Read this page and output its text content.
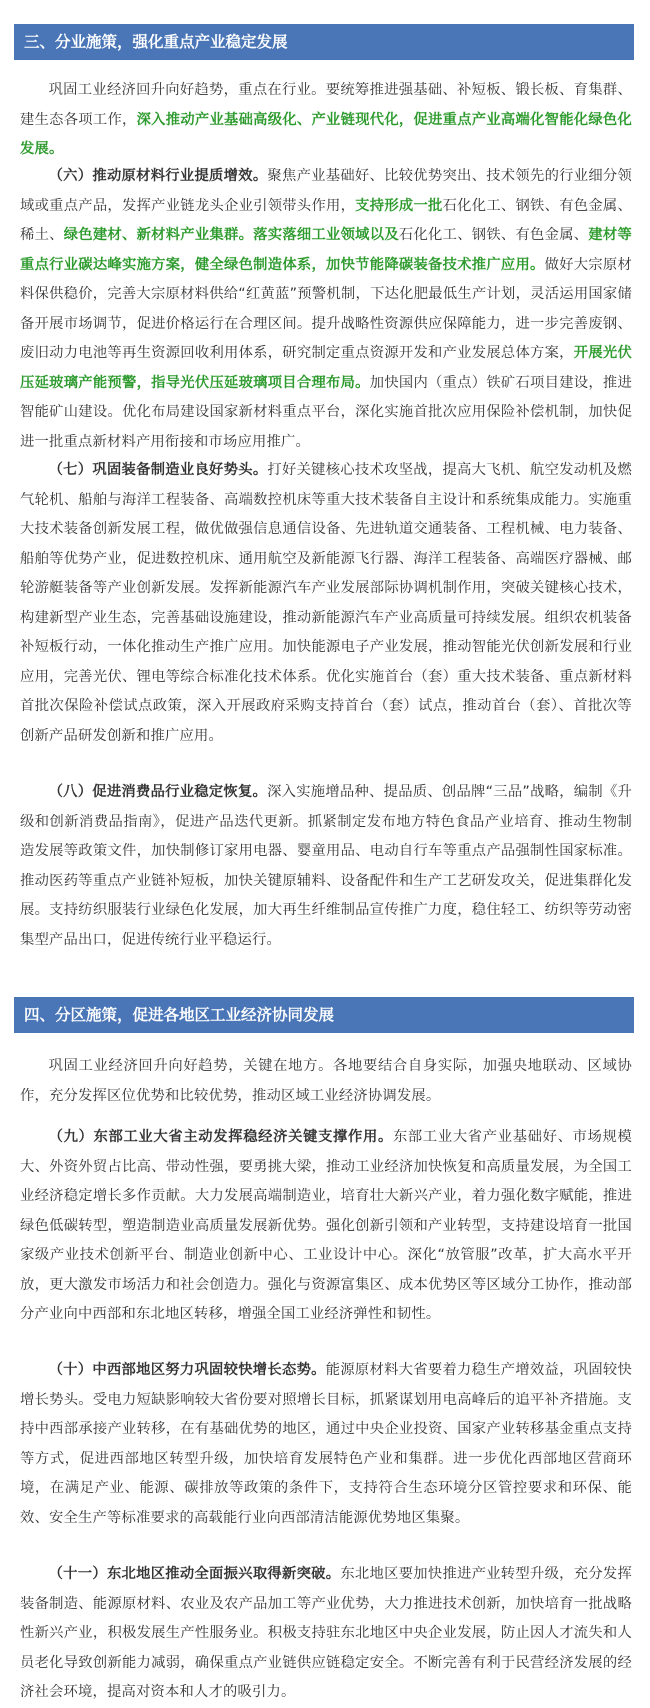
三、分业施策，强化重点产业稳定发展

巩固工业经济回升向好趋势，重点在行业。要统筹推进强基础、补短板、锻长板、育集群、建生态各项工作，深入推动产业基础高级化、产业链现代化，促进重点产业高端化智能化绿色化发展。

（六）推动原材料行业提质增效。聚焦产业基础好、比较优势突出、技术领先的行业细分领域或重点产品，发挥产业链龙头企业引领带头作用，支持形成一批石化化工、钢铁、有色金属、稀土、绿色建材、新材料产业集群。落实落细工业领域以及石化化工、钢铁、有色金属、建材等重点行业碳达峰实施方案，健全绿色制造体系，加快节能降碳装备技术推广应用。做好大宗原材料保供稳价，完善大宗原材料供给“红黄蓝”预警机制，下达化肥最低生产计划，灵活运用国家储备开展市场调节，促进价格运行在合理区间。提升战略性资源供应保障能力，进一步完善废钢、废旧动力电池等再生资源回收利用体系，研究制定重点资源开发和产业发展总体方案，开展光伏压延玻璃产能预警，指导光伏压延玻璃项目合理布局。加快国内（重点）铁矿石项目建设，推进智能矿山建设。优化布局建设国家新材料重点平台，深化实施首批次应用保险补偿机制，加快促进一批重点新材料产用衔接和市场应用推广。

（七）巩固装备制造业良好势头。打好关键核心技术攻坚战，提高大飞机、航空发动机及燃气轮机、船舶与海洋工程装备、高端数控机床等重大技术装备自主设计和系统集成能力。实施重大技术装备创新发展工程，做优做强信息通信设备、先进轨道交通装备、工程机械、电力装备、船舶等优势产业，促进数控机床、通用航空及新能源飞行器、海洋工程装备、高端医疗器械、邮轮游艇装备等产业创新发展。发挥新能源汽车产业发展部际协调机制作用，突破关键核心技术，构建新型产业生态，完善基础设施建设，推动新能源汽车产业高质量可持续发展。组织农机装备补短板行动，一体化推动生产推广应用。加快能源电子产业发展，推动智能光伏创新发展和行业应用，完善光伏、锂电等综合标准化技术体系。优化实施首台（套）重大技术装备、重点新材料首批次保险补偿试点政策，深入开展政府采购支持首台（套）试点，推动首台（套）、首批次等创新产品研发创新和推广应用。

（八）促进消费品行业稳定恢复。深入实施增品种、提品质、创品牌“三品”战略，编制《升级和创新消费品指南》，促进产品迭代更新。抓紧制定发布地方特色食品产业培育、推动生物制造发展等政策文件，加快制修订家用电器、婴童用品、电动自行车等重点产品强制性国家标准。推动医药等重点产业链补短板，加快关键原辅料、设备配件和生产工艺研发攻关，促进集群化发展。支持纺织服装行业绿色化发展，加大再生纤维制品宣传推广力度，稳住轻工、纺织等劳动密集型产品出口，促进传统行业平稳运行。

四、分区施策，促进各地区工业经济协同发展

巩固工业经济回升向好趋势，关键在地方。各地要结合自身实际，加强央地联动、区域协作，充分发挥区位优势和比较优势，推动区域工业经济协调发展。

（九）东部工业大省主动发挥稳经济关键支撑作用。东部工业大省产业基础好、市场规模大、外资外贸占比高、带动性强，要勇挑大梁，推动工业经济加快恢复和高质量发展，为全国工业经济稳定增长多作贡献。大力发展高端制造业，培育壮大新兴产业，着力强化数字赋能，推进绿色低碳转型，塑造制造业高质量发展新优势。强化创新引领和产业转型，支持建设培育一批国家级产业技术创新平台、制造业创新中心、工业设计中心。深化“放管服”改革，扩大高水平开放，更大激发市场活力和社会创造力。强化与资源富集区、成本优势区等区域分工协作，推动部分产业向中西部和东北地区转移，增强全国工业经济弹性和韧性。

（十）中西部地区努力巩固较快增长态势。能源原材料大省要着力稳生产增效益，巩固较快增长势头。受电力短缺影响较大省份要对照增长目标，抓紧谋划用电高峰后的追平补齐措施。支持中西部承接产业转移，在有基础优势的地区，通过中央企业投资、国家产业转移基金重点支持等方式，促进西部地区转型升级，加快培育发展特色产业和集群。进一步优化西部地区营商环境，在满足产业、能源、碳排放等政策的条件下，支持符合生态环境分区管控要求和环保、能效、安全生产等标准要求的高载能行业向西部清洁能源优势地区集聚。

（十一）东北地区推动全面振兴取得新突破。东北地区要加快推进产业转型升级，充分发挥装备制造、能源原材料、农业及农产品加工等产业优势，大力推进技术创新，加快培育一批战略性新兴产业，积极发展生产性服务业。积极支持驻东北地区中央企业发展，防止因人才流失和人员老化导致创新能力减弱，确保重点产业链供应链稳定安全。不断完善有利于民营经济发展的经济社会环境，提高对资本和人才的吸引力。
